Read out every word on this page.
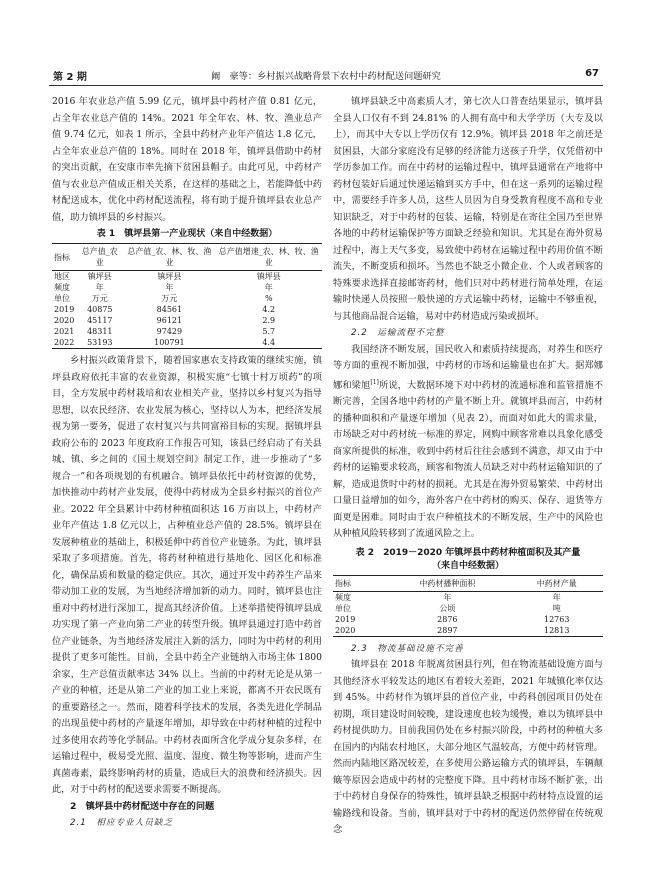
第 2 期	阚　豪等：乡村振兴战略背景下农村中药材配送问题研究	67

2016 年农业总产值 5.99 亿元，镇坪县中药材产值 0.81 亿元，占全年农业总产值的 14%。2021 年全年农、林、牧、渔业总产值 9.74 亿元，如表 1 所示，全县中药材产业年产值达 1.8 亿元，占全年农业总产值的 18%。同时在 2018 年，镇坪县借助中药材的突出贡献，在安康市率先摘下贫困县帽子。由此可见，中药材产值与农业总产值成正相关关系，在这样的基础之上，若能降低中药材配送成本，优化中药材配送流程，将有助于提升镇坪县农业总产值，助力镇坪县的乡村振兴。

表 1　镇坪县第一产业现状（来自中经数据）
指标	总产值_农业	总产值_农、林、牧、渔业	总产值增速_农、林、牧、渔业
地区	镇坪县	镇坪县	镇坪县
频度	年	年	年
单位	万元	万元	%
2019	40875	84561	4.2
2020	45117	96121	2.9
2021	48311	97429	5.7
2022	53193	100791	4.4

乡村振兴政策背景下，随着国家惠农支持政策的继续实施，镇坪县政府依托丰富的农业资源，积极实施“七镇十村万顷药”的项目，全方发展中药材栽培和农业相关产业，坚持以乡村复兴为指导思想，以农民经济、农业发展为核心，坚持以人为本，把经济发展视为第一要务，促进了农村复兴与共同富裕目标的实现。据镇坪县政府公布的 2023 年度政府工作报告可知，该县已经启动了有关县城、镇、乡之间的《国土规划空间》制定工作，进一步推动了“多规合一”和各项规划的有机融合。镇坪县依托中药材资源的优势，加快推动中药材产业发展，使得中药材成为全县乡村振兴的首位产业。2022 年全县累计中药材种植面积达 16 万亩以上，中药材产业年产值达 1.8 亿元以上，占种植业总产值的 28.5%。镇坪县在发展种植业的基础上，积极延伸中药首位产业链条。为此，镇坪县采取了多项措施。首先，将药材种植进行基地化、园区化和标准化，确保品质和数量的稳定供应。其次，通过开发中药养生产品来带动加工业的发展，为当地经济增加新的动力。同时，镇坪县也注重对中药材进行深加工，提高其经济价值。上述举措使得镇坪县成功实现了第一产业向第二产业的转型升级。镇坪县通过打造中药首位产业链条，为当地经济发展注入新的活力，同时为中药材的利用提供了更多可能性。目前，全县中药全产业链纳入市场主体 1800 余家，生产总值贡献率达 34% 以上。当前的中药材无论是从第一产业的种植，还是从第二产业的加工业上来说，都离不开农民既有的重要路径之一。然而，随着科学技术的发展，各类先进化学制品的出现虽使中药材的产量逐年增加，却导致在中药材种植的过程中过多使用农药等化学制品。中药材表面所含化学成分复杂多样，在运输过程中，极易受光照、温度、湿度、微生物等影响，进而产生真菌毒素，最终影响药材的质量，造成巨大的浪费和经济损失。因此，对于中药材的配送要求需要不断提高。

2　镇坪县中药材配送中存在的问题

2.1　相应专业人员缺乏

镇坪县缺乏中高素质人才，第七次人口普查结果显示，镇坪县全县人口仅有不到 24.81% 的人拥有高中和大学学历（大专及以上），而其中大专以上学历仅有 12.9%。镇坪县 2018 年之前还是贫困县，大部分家庭没有足够的经济能力送孩子升学，仅凭借初中学历参加工作。而在中药材的运输过程中，镇坪县通常在产地将中药材包装好后通过快递运输到买方手中，但在这一系列的运输过程中，需要经手许多人员，这些人员因为自身受教育程度不高和专业知识缺乏，对于中药材的包装、运输，特别是在寄往全国乃至世界各地的中药材运输保护等方面缺乏经验和知识。尤其是在海外贸易过程中，海上天气多变，易致使中药材在运输过程中药用价值不断流失，不断变质和损坏。当然也不缺乏小微企业、个人或者顾客的特殊要求选择直接邮寄药材，他们只对中药材进行简单处理，在运输时快递人员按照一般快递的方式运输中药材，运输中不够重视，与其他商品混合运输，易对中药材造成污染或损坏。

2.2　运输流程不完整

我国经济不断发展，国民收入和素质持续提高，对养生和医疗等方面的重视不断加强，中药材的市场和运输量也在扩大。据郑娜娜和梁旭[1]所说，大数据环境下对中药材的流通标准和监管措施不断完善，全国各地中药材的产量不断上升。就镇坪县而言，中药材的播种面积和产量逐年增加（见表 2），而面对如此大的需求量，市场缺乏对中药材统一标准的界定，网购中顾客常难以具象化感受商家所提供的标准，收到中药材后往往会感到不满意，却又由于中药材的运输要求较高，顾客和物流人员缺乏对中药材运输知识的了解，造成退货时中药材的损耗。尤其是在海外贸易繁荣、中药材出口量日益增加的如今，海外客户在中药材的购买、保存、退货等方面更是困难。同时由于农户种植技术的不断发展，生产中的风险也从种植风险转移到了流通风险之上。

表 2　2019－2020 年镇坪县中药材种植面积及其产量
（来自中经数据）
指标	中药材播种面积	中药材产量
频度	年	年
单位	公顷	吨
2019	2876	12763
2020	2897	12813

2.3　物流基础设施不完善

镇坪县在 2018 年脱离贫困县行列，但在物流基础设施方面与其他经济水平较发达的地区有着较大差距，2021 年城镇化率仅达到 45%。中药材作为镇坪县的首位产业，中药科创园项目仍处在初期，项目建设时间较晚，建设速度也较为缓慢，难以为镇坪县中药材提供助力。目前我国仍处在乡村振兴阶段，中药材的种植大多在国内的内陆农村地区，大部分地区气温较高，方便中药材管理。然而内陆地区路况较差，在多使用公路运输方式的镇坪县，车辆颠簸等原因会造成中药材的完整度下降。且中药材市场不断扩张，出于中药材自身保存的特殊性，镇坪县缺乏根据中药材特点设置的运输路线和设备。当前，镇坪县对于中药材的配送仍然停留在传统观念
